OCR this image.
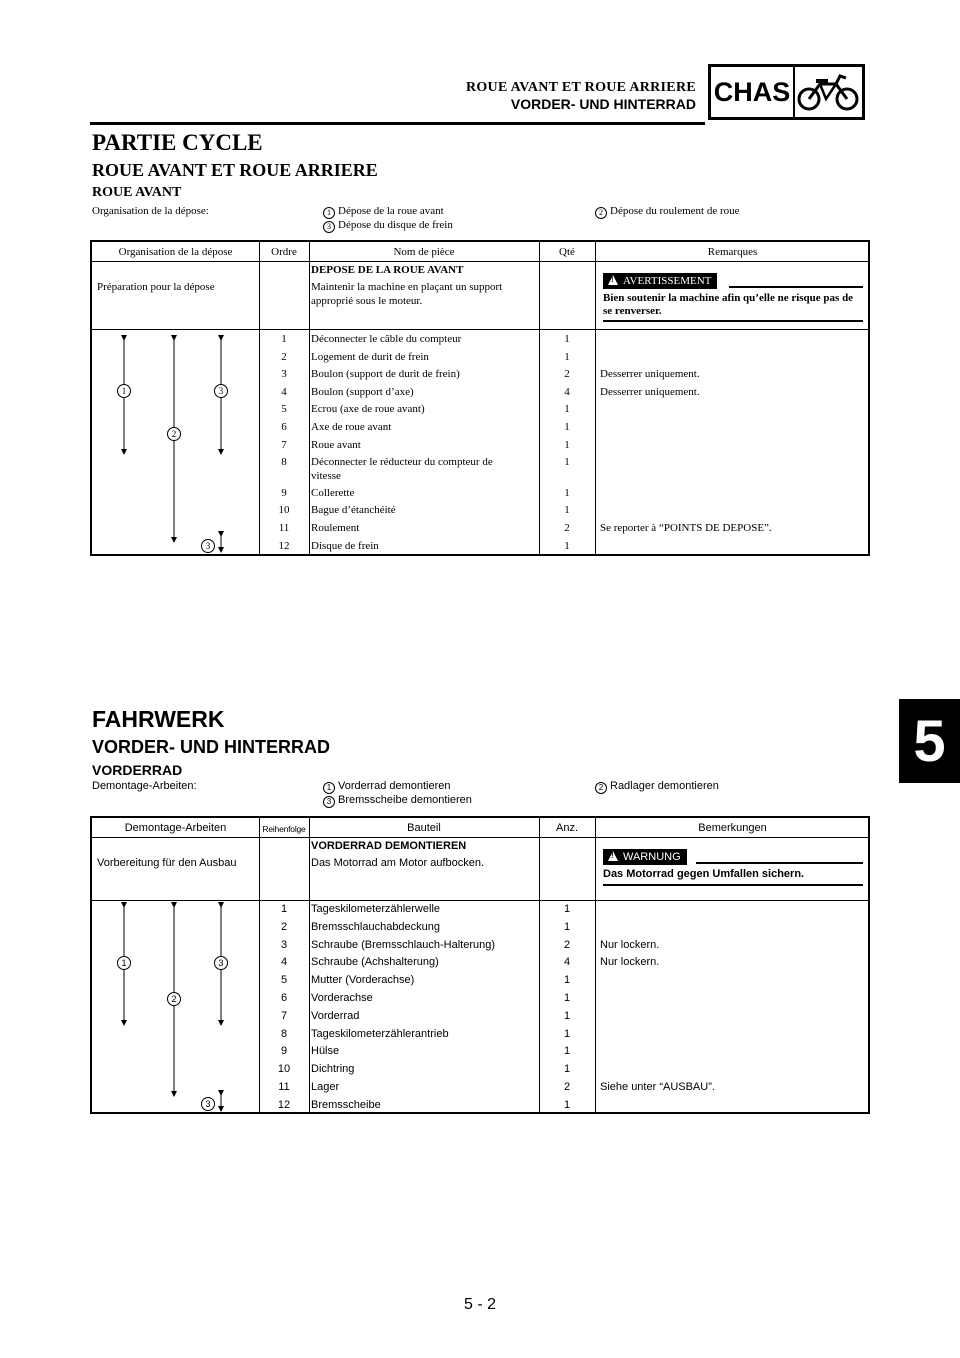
ROUE AVANT ET ROUE ARRIERE
VORDER- UND HINTERRAD CHAS
PARTIE CYCLE
ROUE AVANT ET ROUE ARRIERE
ROUE AVANT
Organisation de la dépose:	1 Dépose de la roue avant	2 Dépose du roulement de roue
3 Dépose du disque de frein
Organisation de la dépose	Ordre	Nom de pièce	Qté	Remarques
DEPOSE DE LA ROUE AVANT
Préparation pour la dépose	Maintenir la machine en plaçant un support
approprié sous le moteur.
!
AVERTISSEMENT
Bien soutenir la machine afin qu’elle ne risque pas de
se renverser.
1
2
3
3
1	Déconnecter le câble du compteur	1
2	Logement de durit de frein	1
3	Boulon (support de durit de frein)	2	Desserrer uniquement.
4	Boulon (support d’axe)	4	Desserrer uniquement.
5	Ecrou (axe de roue avant)	1
6	Axe de roue avant	1
7	Roue avant	1
8	Déconnecter le réducteur du compteur de
vitesse
1
9	Collerette	1
10	Bague d’étanchéité	1
11	Roulement	2	Se reporter à “POINTS DE DEPOSE”.
12	Disque de frein	1
FAHRWERK
VORDER- UND HINTERRAD
VORDERRAD
Demontage-Arbeiten:	1 Vorderrad demontieren	2 Radlager demontieren
3 Bremsscheibe demontieren
Demontage-Arbeiten	Reihenfolge	Bauteil	Anz.	Bemerkungen
VORDERRAD DEMONTIEREN
Vorbereitung für den Ausbau	Das Motorrad am Motor aufbocken.
!	WARNUNG
Das Motorrad gegen Umfallen sichern.
1
2
3
3
1	Tageskilometerzählerwelle	1
2	Bremsschlauchabdeckung	1
3	Schraube (Bremsschlauch-Halterung)	2	Nur lockern.
4	Schraube (Achshalterung)	4	Nur lockern.
5	Mutter (Vorderachse)	1
6	Vorderachse	1
7	Vorderrad	1
8	Tageskilometerzählerantrieb	1
9	Hülse	1
10	Dichtring	1
11	Lager	2	Siehe unter “AUSBAU”.
12	Bremsscheibe	1
5
5 - 2
